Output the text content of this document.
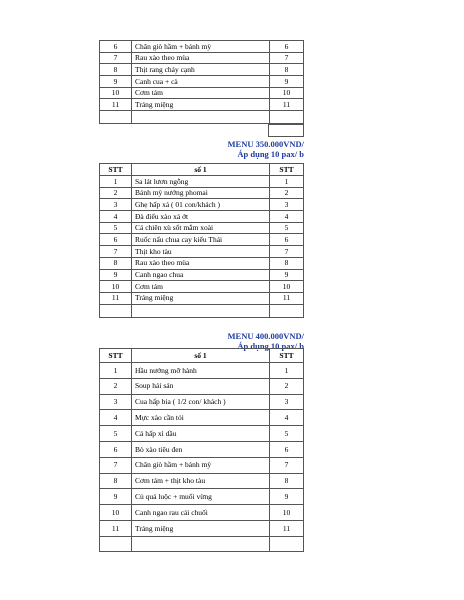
6	Chân giò hầm + bánh mỳ	6
7	Rau xào theo mùa	7
8	Thịt rang cháy cạnh	8
9	Canh cua + cà	9
10	Cơm tám	10
11	Tráng miệng	11

MENU 350.000VND/
Áp dụng 10 pax/ b
STT	số 1	STT
1	Sa lát lươn ngỗng	1
2	Bánh mỳ nướng phomai	2
3	Ghẹ hấp xả ( 01 con/khách )	3
4	Đà điểu xào xả ớt	4
5	Cá chiên xù sốt mắm xoài	5
6	Ruốc nấu chua cay kiểu Thái	6
7	Thịt kho tàu	7
8	Rau xào theo mùa	8
9	Canh ngao chua	9
10	Cơm tám	10
11	Tráng miệng	11

MENU 400.000VND/
Áp dụng 10 pax/ b
STT	số 1	STT
1	Hầu nướng mỡ hành	1
2	Soup hải sản	2
3	Cua hấp bia ( 1/2 con/ khách )	3
4	Mực xào cần tỏi	4
5	Cá hấp xì dầu	5
6	Bò xào tiêu đen	6
7	Chân giò hầm + bánh mỳ	7
8	Cơm tám + thịt kho tàu	8
9	Củ quả luộc + muối vừng	9
10	Canh ngao rau cải chuối	10
11	Tráng miệng	11
